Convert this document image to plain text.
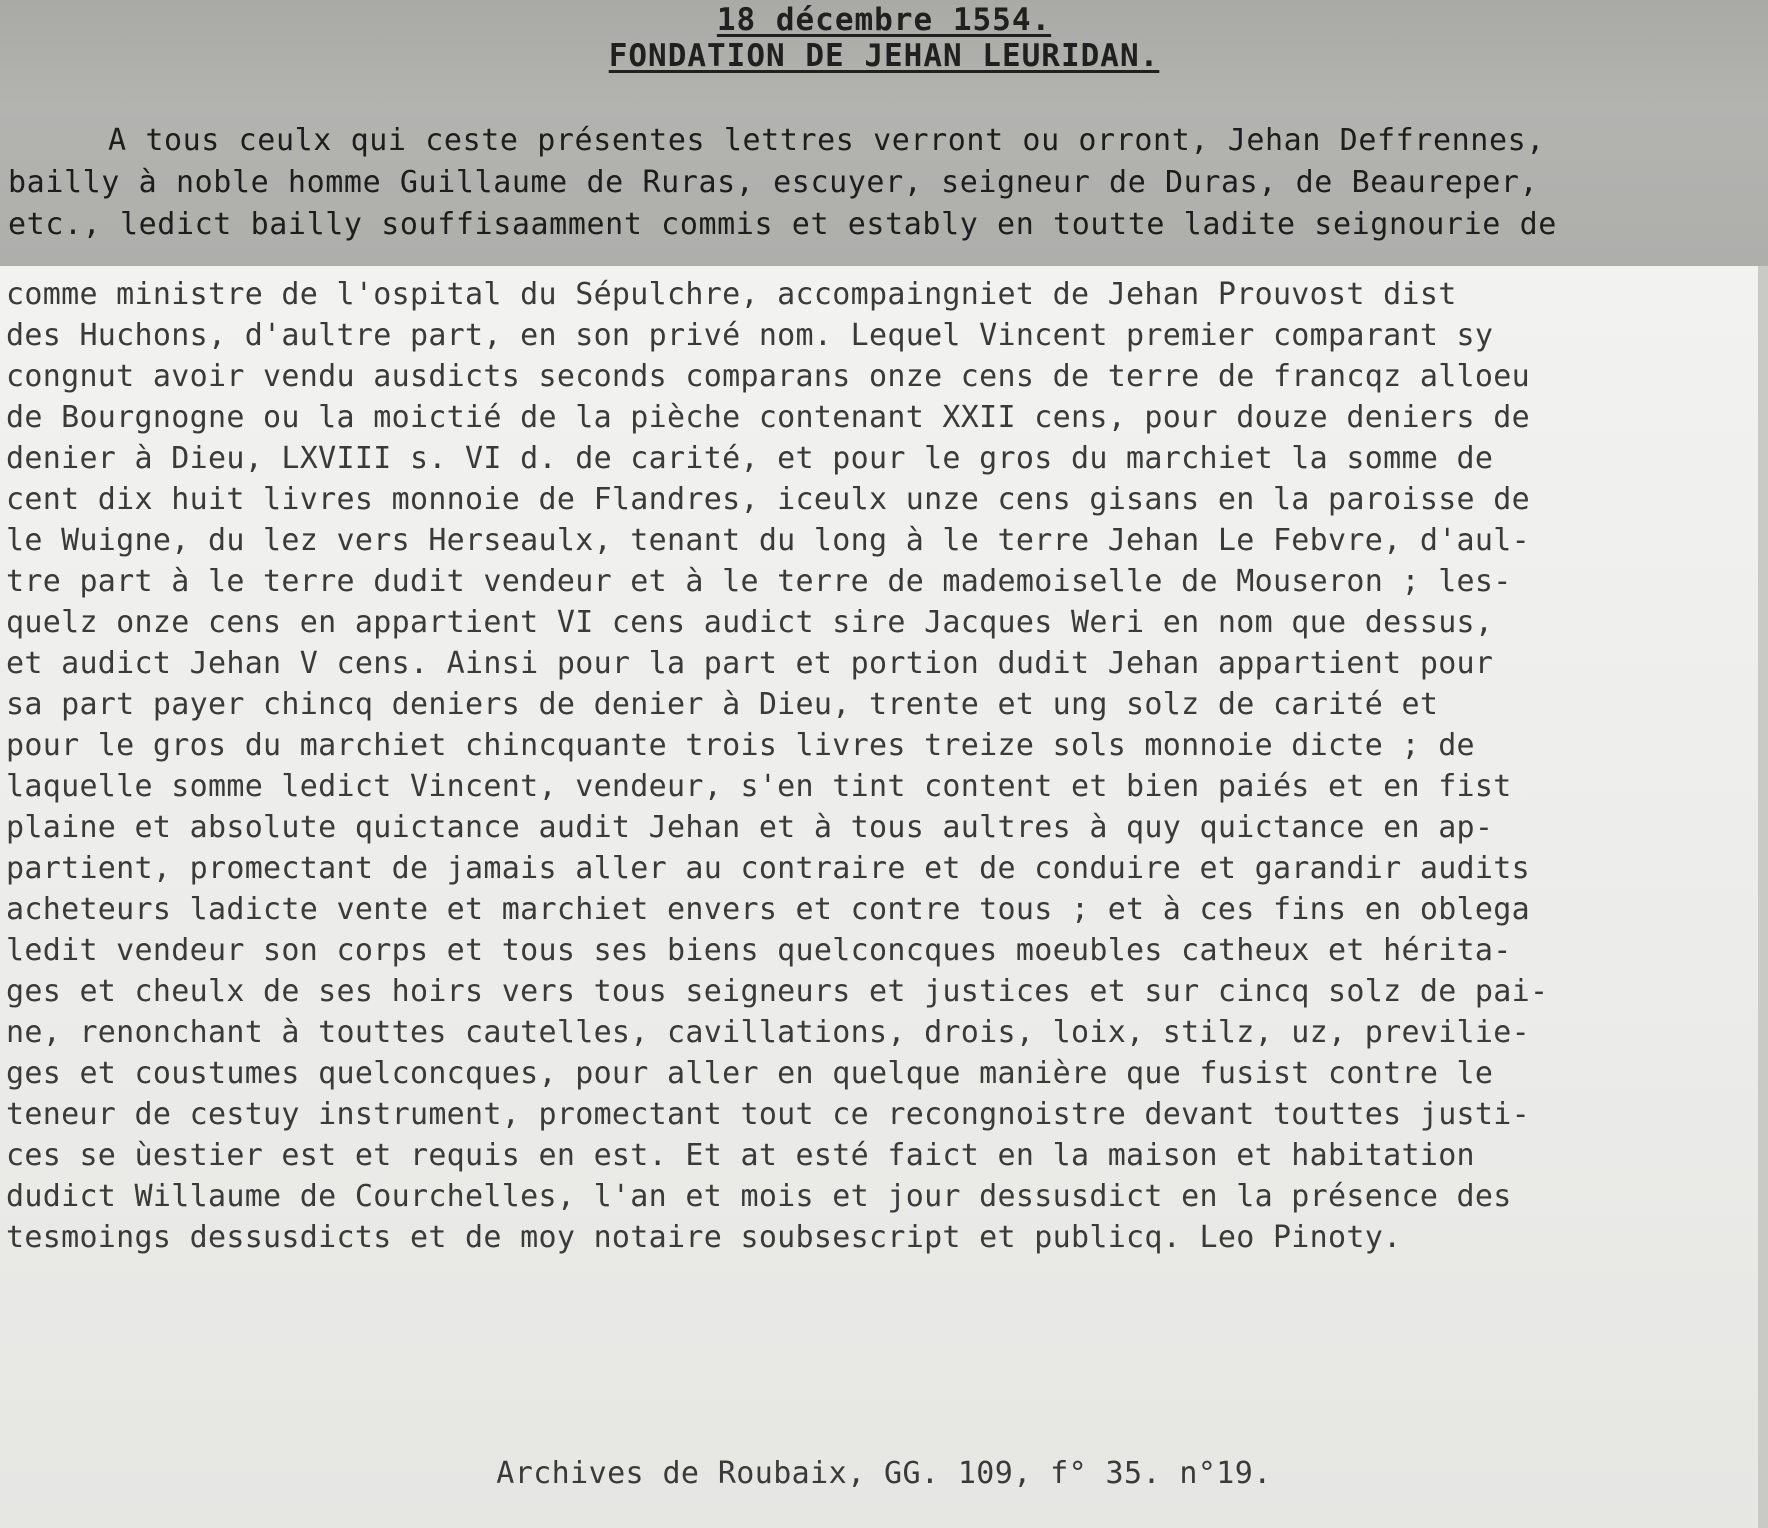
18 décembre 1554.
FONDATION DE JEHAN LEURIDAN.
A tous ceulx qui ceste présentes lettres verront ou orront, Jehan Deffrennes,
bailly à noble homme Guillaume de Ruras, escuyer, seigneur de Duras, de Beaureper,
etc., ledict bailly souffisaamment commis et estably en toutte ladite seignourie de
comme ministre de l'ospital du Sépulchre, accompaingniet de Jehan Prouvost dist
des Huchons, d'aultre part, en son privé nom. Lequel Vincent premier comparant sy
congnut avoir vendu ausdicts seconds comparans onze cens de terre de francqz alloeu
de Bourgnogne ou la moictié de la pièche contenant XXII cens, pour douze deniers de
denier à Dieu, LXVIII s. VI d. de carité, et pour le gros du marchiet la somme de
cent dix huit livres monnoie de Flandres, iceulx unze cens gisans en la paroisse de
le Wuigne, du lez vers Herseaulx, tenant du long à le terre Jehan Le Febvre, d'aul-
tre part à le terre dudit vendeur et à le terre de mademoiselle de Mouseron ; les-
quelz onze cens en appartient VI cens audict sire Jacques Weri en nom que dessus,
et audict Jehan V cens. Ainsi pour la part et portion dudit Jehan appartient pour
sa part payer chincq deniers de denier à Dieu, trente et ung solz de carité et
pour le gros du marchiet chincquante trois livres treize sols monnoie dicte ; de
laquelle somme ledict Vincent, vendeur, s'en tint content et bien paiés et en fist
plaine et absolute quictance audit Jehan et à tous aultres à quy quictance en ap-
partient, promectant de jamais aller au contraire et de conduire et garandir audits
acheteurs ladicte vente et marchiet envers et contre tous ; et à ces fins en oblega
ledit vendeur son corps et tous ses biens quelconcques moeubles catheux et hérita-
ges et cheulx de ses hoirs vers tous seigneurs et justices et sur cincq solz de pai-
ne, renonchant à touttes cautelles, cavillations, drois, loix, stilz, uz, previlie-
ges et coustumes quelconcques, pour aller en quelque manière que fusist contre le
teneur de cestuy instrument, promectant tout ce recongnoistre devant touttes justi-
ces se ùestier est et requis en est. Et at esté faict en la maison et habitation
dudict Willaume de Courchelles, l'an et mois et jour dessusdict en la présence des
tesmoings dessusdicts et de moy notaire soubsescript et publicq. Leo Pinoty.
Archives de Roubaix, GG. 109, f° 35. n°19.
